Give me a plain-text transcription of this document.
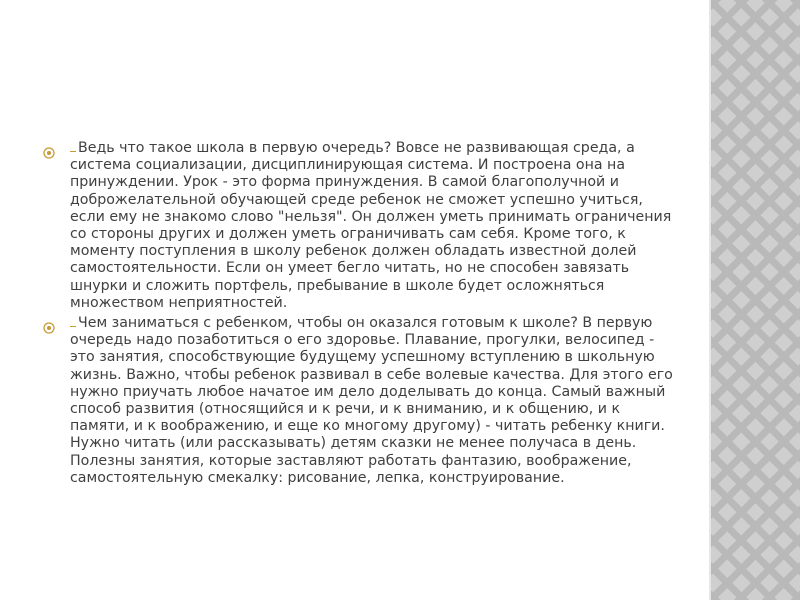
Ведь что такое школа в первую очередь? Вовсе не развивающая среда, а система социализации, дисциплинирующая система. И построена она на принуждении. Урок - это форма принуждения. В самой благополучной и доброжелательной обучающей среде ребенок не сможет успешно учиться, если ему не знакомо слово "нельзя". Он должен уметь принимать ограничения со стороны других и должен уметь ограничивать сам себя. Кроме того, к моменту поступления в школу ребенок должен обладать известной долей самостоятельности. Если он умеет бегло читать, но не способен завязать шнурки и сложить портфель, пребывание в школе будет осложняться множеством неприятностей.
Чем заниматься с ребенком, чтобы он оказался готовым к школе? В первую очередь надо позаботиться о его здоровье. Плавание, прогулки, велосипед - это занятия, способствующие будущему успешному вступлению в школьную жизнь. Важно, чтобы ребенок развивал в себе волевые качества. Для этого его нужно приучать любое начатое им дело доделывать до конца. Самый важный способ развития (относящийся и к речи, и к вниманию, и к общению, и к памяти, и к воображению, и еще ко многому другому) - читать ребенку книги. Нужно читать (или рассказывать) детям сказки не менее получаса в день. Полезны занятия, которые заставляют работать фантазию, воображение, самостоятельную смекалку: рисование, лепка, конструирование.
